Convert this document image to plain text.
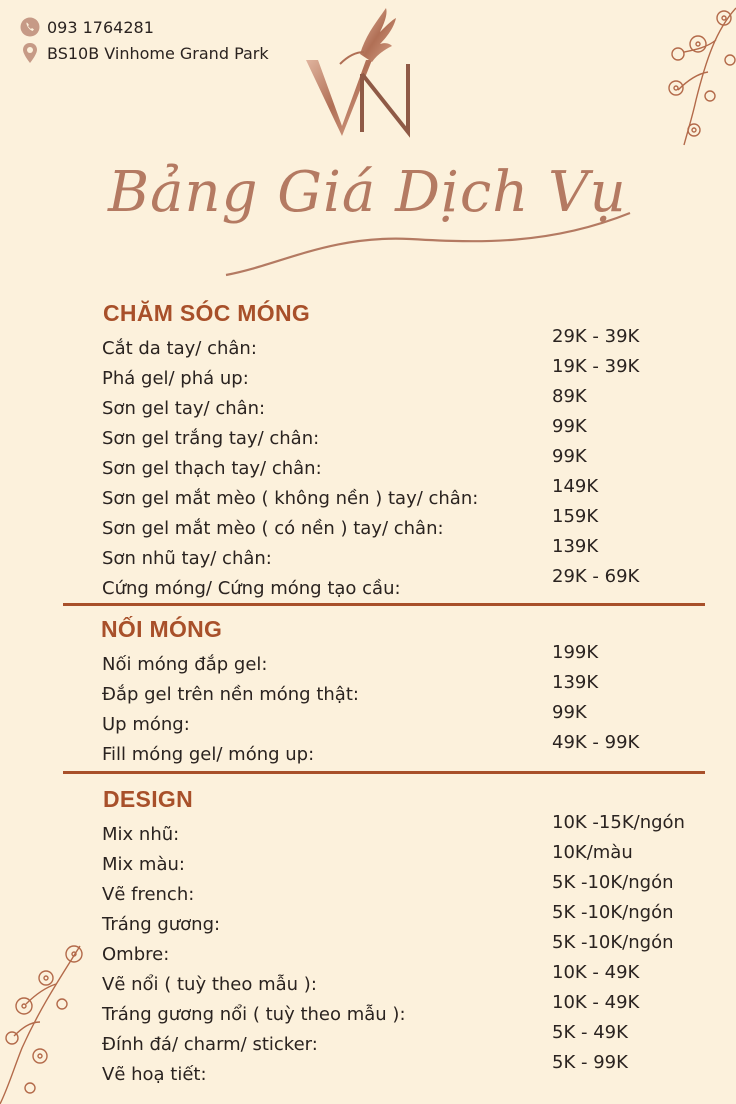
093 1764281
BS10B Vinhome Grand Park
Bảng Giá Dịch Vụ
CHĂM SÓC MÓNG
Cắt da tay/ chân:
29K - 39K
Phá gel/ phá up:
19K - 39K
Sơn gel tay/ chân:
89K
Sơn gel trắng tay/ chân:
99K
Sơn gel thạch tay/ chân:
99K
Sơn gel mắt mèo ( không nền ) tay/ chân:
149K
Sơn gel mắt mèo ( có nền ) tay/ chân:
159K
Sơn nhũ tay/ chân:
139K
Cứng móng/ Cứng móng tạo cầu:
29K - 69K
NỐI MÓNG
Nối móng đắp gel:
199K
Đắp gel trên nền móng thật:
139K
Up móng:
99K
Fill móng gel/ móng up:
49K - 99K
DESIGN
Mix nhũ:
10K -15K/ngón
Mix màu:
10K/màu
Vẽ french:
5K -10K/ngón
Tráng gương:
5K -10K/ngón
Ombre:
5K -10K/ngón
Vẽ nổi ( tuỳ theo mẫu ):
10K - 49K
Tráng gương nổi ( tuỳ theo mẫu ):
10K - 49K
Đính đá/ charm/ sticker:
5K - 49K
Vẽ hoạ tiết:
5K - 99K
